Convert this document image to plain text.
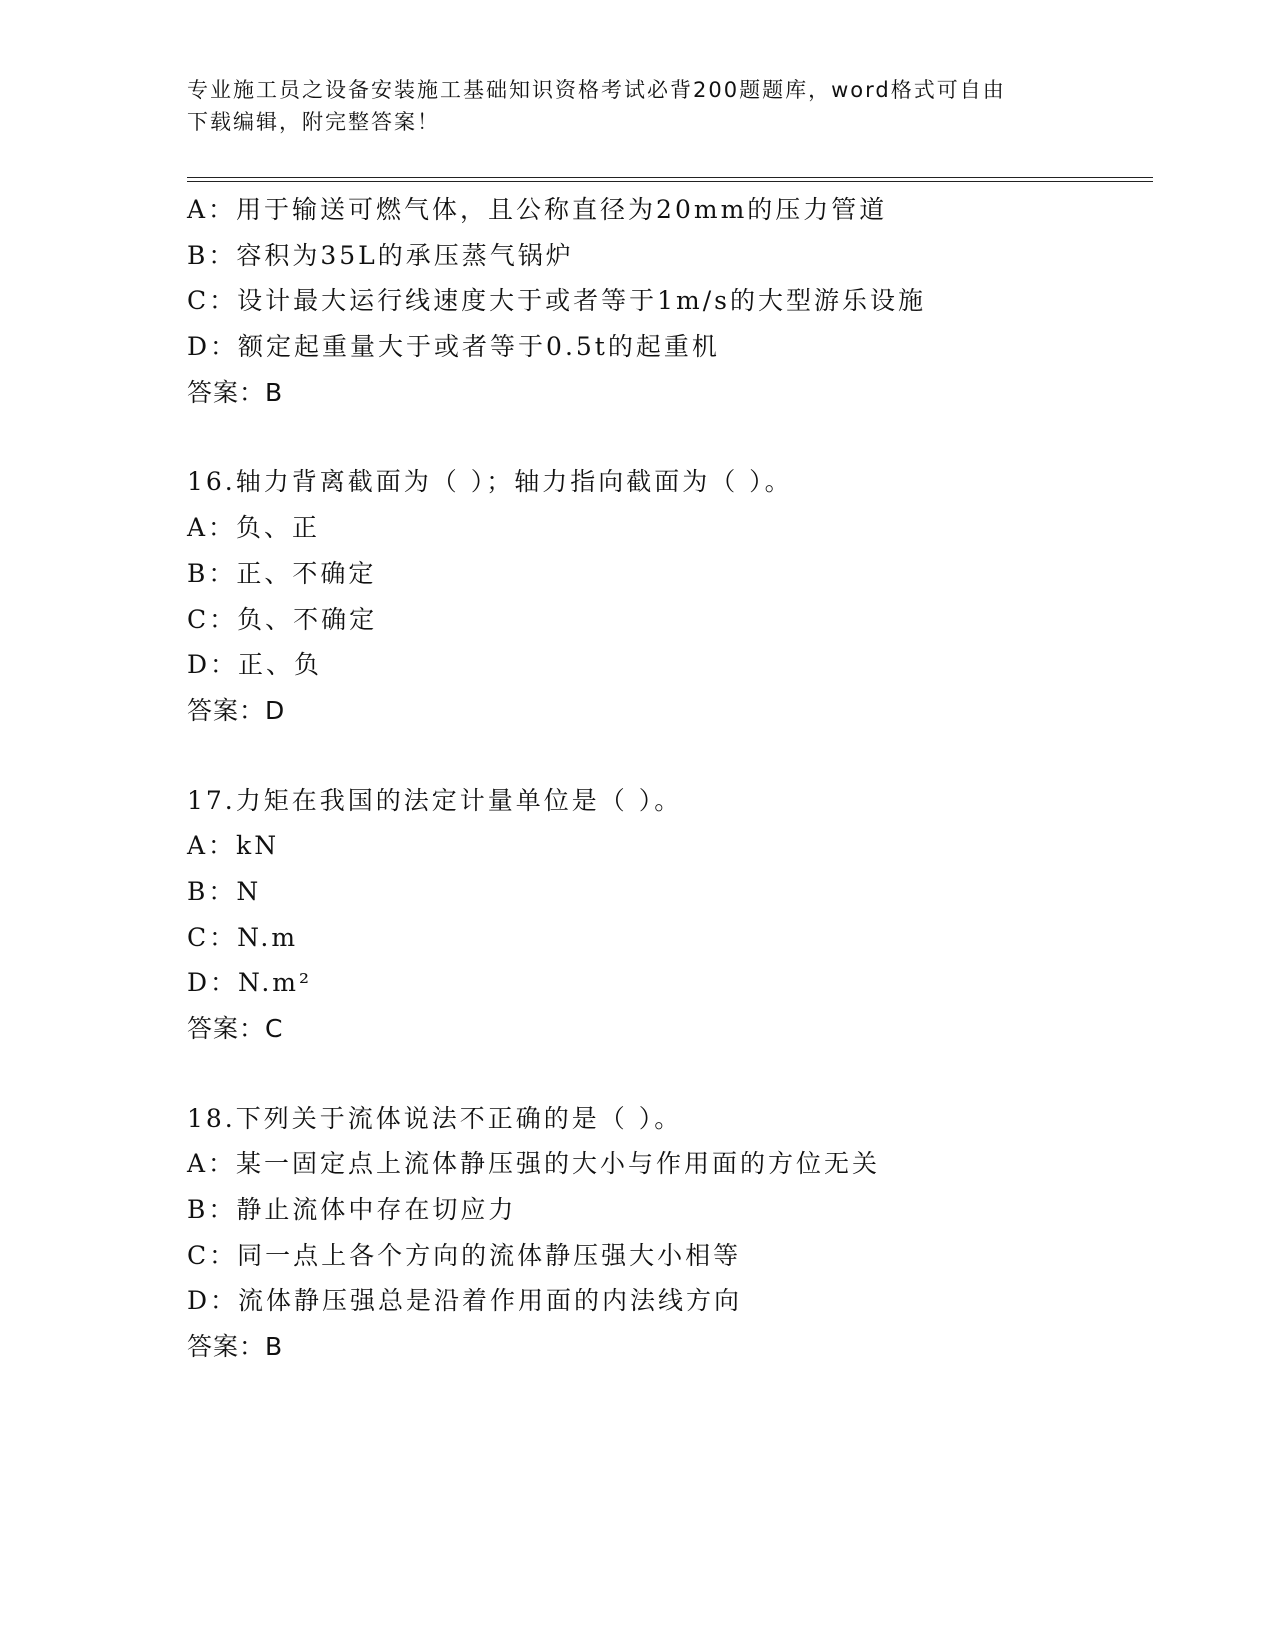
专业施工员之设备安装施工基础知识资格考试必背200题题库，word格式可自由
下载编辑，附完整答案！
A：用于输送可燃气体，且公称直径为20mm的压力管道
B：容积为35L的承压蒸气锅炉
C：设计最大运行线速度大于或者等于1m/s的大型游乐设施
D：额定起重量大于或者等于0.5t的起重机
答案：B
16.轴力背离截面为（ ）；轴力指向截面为（ ）。
A：负、正
B：正、不确定
C：负、不确定
D：正、负
答案：D
17.力矩在我国的法定计量单位是（ ）。
A：kN
B：N
C：N.m
D：N.m²
答案：C
18.下列关于流体说法不正确的是（ ）。
A：某一固定点上流体静压强的大小与作用面的方位无关
B：静止流体中存在切应力
C：同一点上各个方向的流体静压强大小相等
D：流体静压强总是沿着作用面的内法线方向
答案：B
